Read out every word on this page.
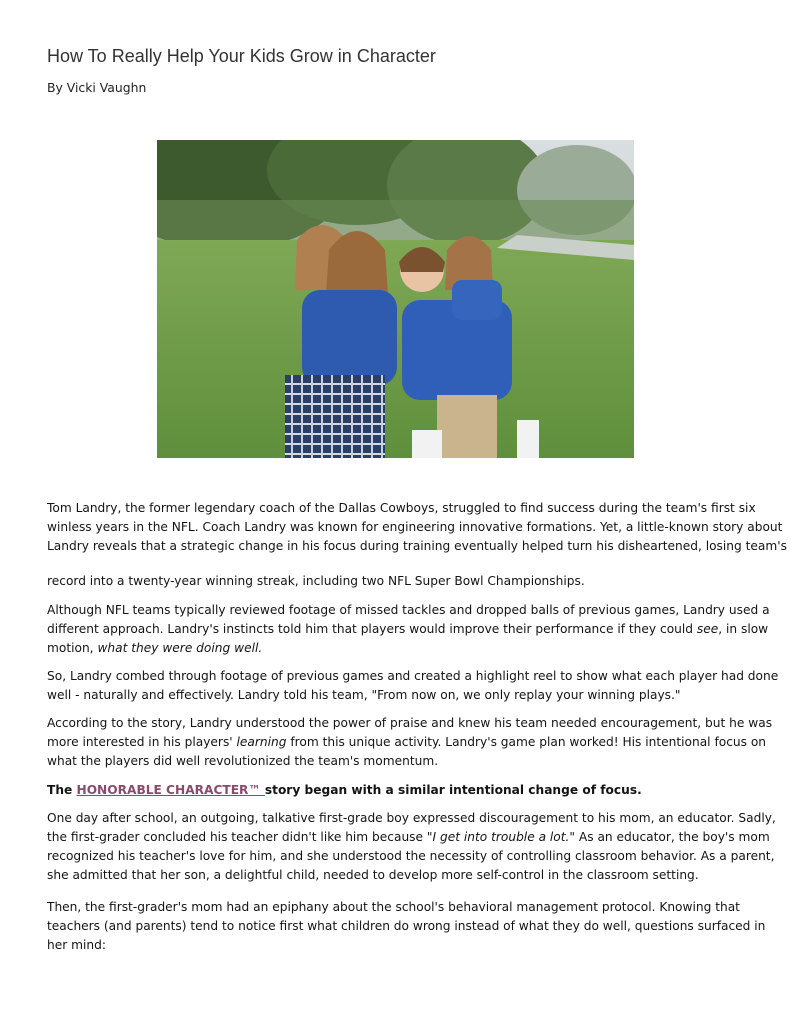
How To Really Help Your Kids Grow in Character
By Vicki Vaughn
Tom Landry, the former legendary coach of the Dallas Cowboys, struggled to find success during the team's first six
winless years in the NFL. Coach Landry was known for engineering innovative formations. Yet, a little-known story about
Landry reveals that a strategic change in his focus during training eventually helped turn his disheartened, losing team's
record into a twenty-year winning streak, including two NFL Super Bowl Championships.
Although NFL teams typically reviewed footage of missed tackles and dropped balls of previous games, Landry used a
different approach. Landry's instincts told him that players would improve their performance if they could see, in slow
motion, what they were doing well.
So, Landry combed through footage of previous games and created a highlight reel to show what each player had done
well - naturally and effectively. Landry told his team, "From now on, we only replay your winning plays."
According to the story, Landry understood the power of praise and knew his team needed encouragement, but he was
more interested in his players' learning from this unique activity. Landry's game plan worked! His intentional focus on
what the players did well revolutionized the team's momentum.
The HONORABLE CHARACTER™ story began with a similar intentional change of focus.
One day after school, an outgoing, talkative first-grade boy expressed discouragement to his mom, an educator. Sadly,
the first-grader concluded his teacher didn't like him because "I get into trouble a lot." As an educator, the boy's mom
recognized his teacher's love for him, and she understood the necessity of controlling classroom behavior. As a parent,
she admitted that her son, a delightful child, needed to develop more self-control in the classroom setting.
Then, the first-grader's mom had an epiphany about the school's behavioral management protocol. Knowing that
teachers (and parents) tend to notice first what children do wrong instead of what they do well, questions surfaced in
her mind:
